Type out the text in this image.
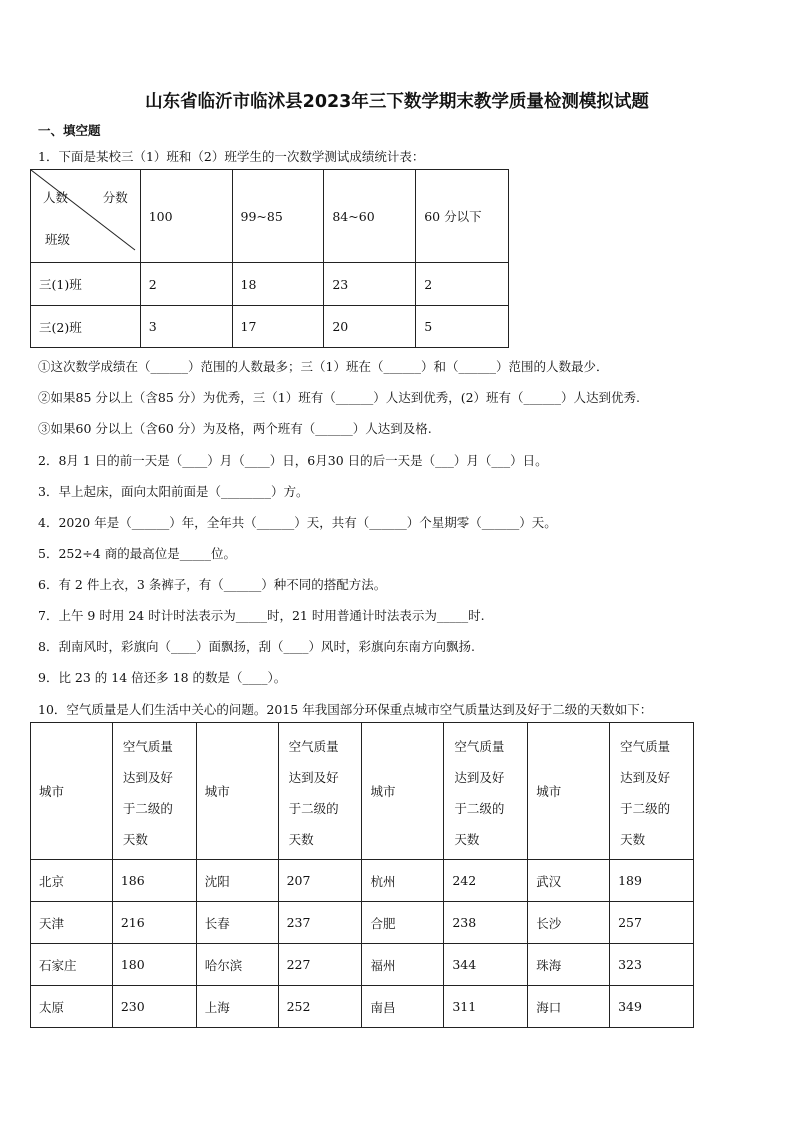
山东省临沂市临沭县2023年三下数学期末教学质量检测模拟试题
一、填空题
1．下面是某校三（1）班和（2）班学生的一次数学测试成绩统计表：
人数 分数
班级	100	99~85	84~60	60 分以下
三(1)班	2	18	23	2
三(2)班	3	17	20	5
①这次数学成绩在（______）范围的人数最多；三（1）班在（______）和（______）范围的人数最少．
②如果85 分以上（含85 分）为优秀，三（1）班有（______）人达到优秀，(2）班有（______）人达到优秀.
③如果60 分以上（含60 分）为及格，两个班有（______）人达到及格.
2．8月 1 日的前一天是（____）月（____）日，6月30 日的后一天是（___）月（___）日。
3．早上起床，面向太阳前面是（________）方。
4．2020 年是（______）年，全年共（______）天，共有（______）个星期零（______）天。
5．252÷4 商的最高位是_____位。
6．有 2 件上衣，3 条裤子，有（______）种不同的搭配方法。
7．上午 9 时用 24 时计时法表示为_____时，21 时用普通计时法表示为_____时.
8．刮南风时，彩旗向（____）面飘扬，刮（____）风时，彩旗向东南方向飘扬.
9．比 23 的 14 倍还多 18 的数是（____）。
10．空气质量是人们生活中关心的问题。2015 年我国部分环保重点城市空气质量达到及好于二级的天数如下：
城市	空气质量
达到及好
于二级的
天数	城市	空气质量
达到及好
于二级的
天数	城市	空气质量
达到及好
于二级的
天数	城市	空气质量
达到及好
于二级的
天数

北京	186	沈阳	207	杭州	242	武汉	189
天津	216	长春	237	合肥	238	长沙	257
石家庄	180	哈尔滨	227	福州	344	珠海	323
太原	230	上海	252	南昌	311	海口	349
